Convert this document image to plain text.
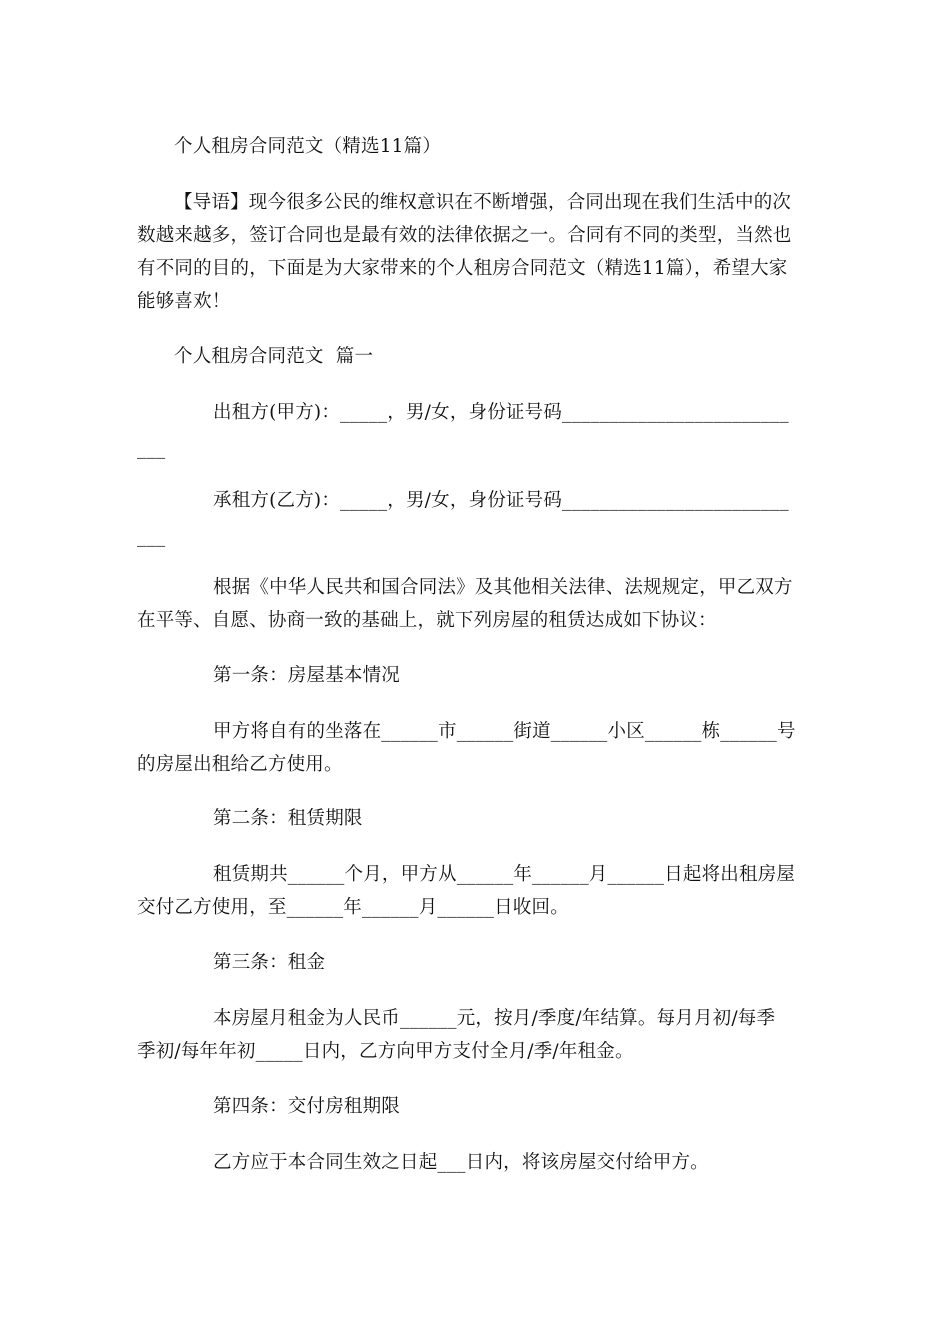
个人租房合同范文（精选11篇）
【导语】现今很多公民的维权意识在不断增强，合同出现在我们生活中的次
数越来越多，签订合同也是最有效的法律依据之一。合同有不同的类型，当然也
有不同的目的，下面是为大家带来的个人租房合同范文（精选11篇），希望大家
能够喜欢！
个人租房合同范文  篇一
出租方(甲方)：_____，男/女，身份证号码________________________
___
承租方(乙方)：_____，男/女，身份证号码________________________
___
根据《中华人民共和国合同法》及其他相关法律、法规规定，甲乙双方
在平等、自愿、协商一致的基础上，就下列房屋的租赁达成如下协议：
第一条：房屋基本情况
甲方将自有的坐落在______市______街道______小区______栋______号
的房屋出租给乙方使用。
第二条：租赁期限
租赁期共______个月，甲方从______年______月______日起将出租房屋
交付乙方使用，至______年______月______日收回。
第三条：租金
本房屋月租金为人民币______元，按月/季度/年结算。每月月初/每季
季初/每年年初_____日内，乙方向甲方支付全月/季/年租金。
第四条：交付房租期限
乙方应于本合同生效之日起___日内，将该房屋交付给甲方。
